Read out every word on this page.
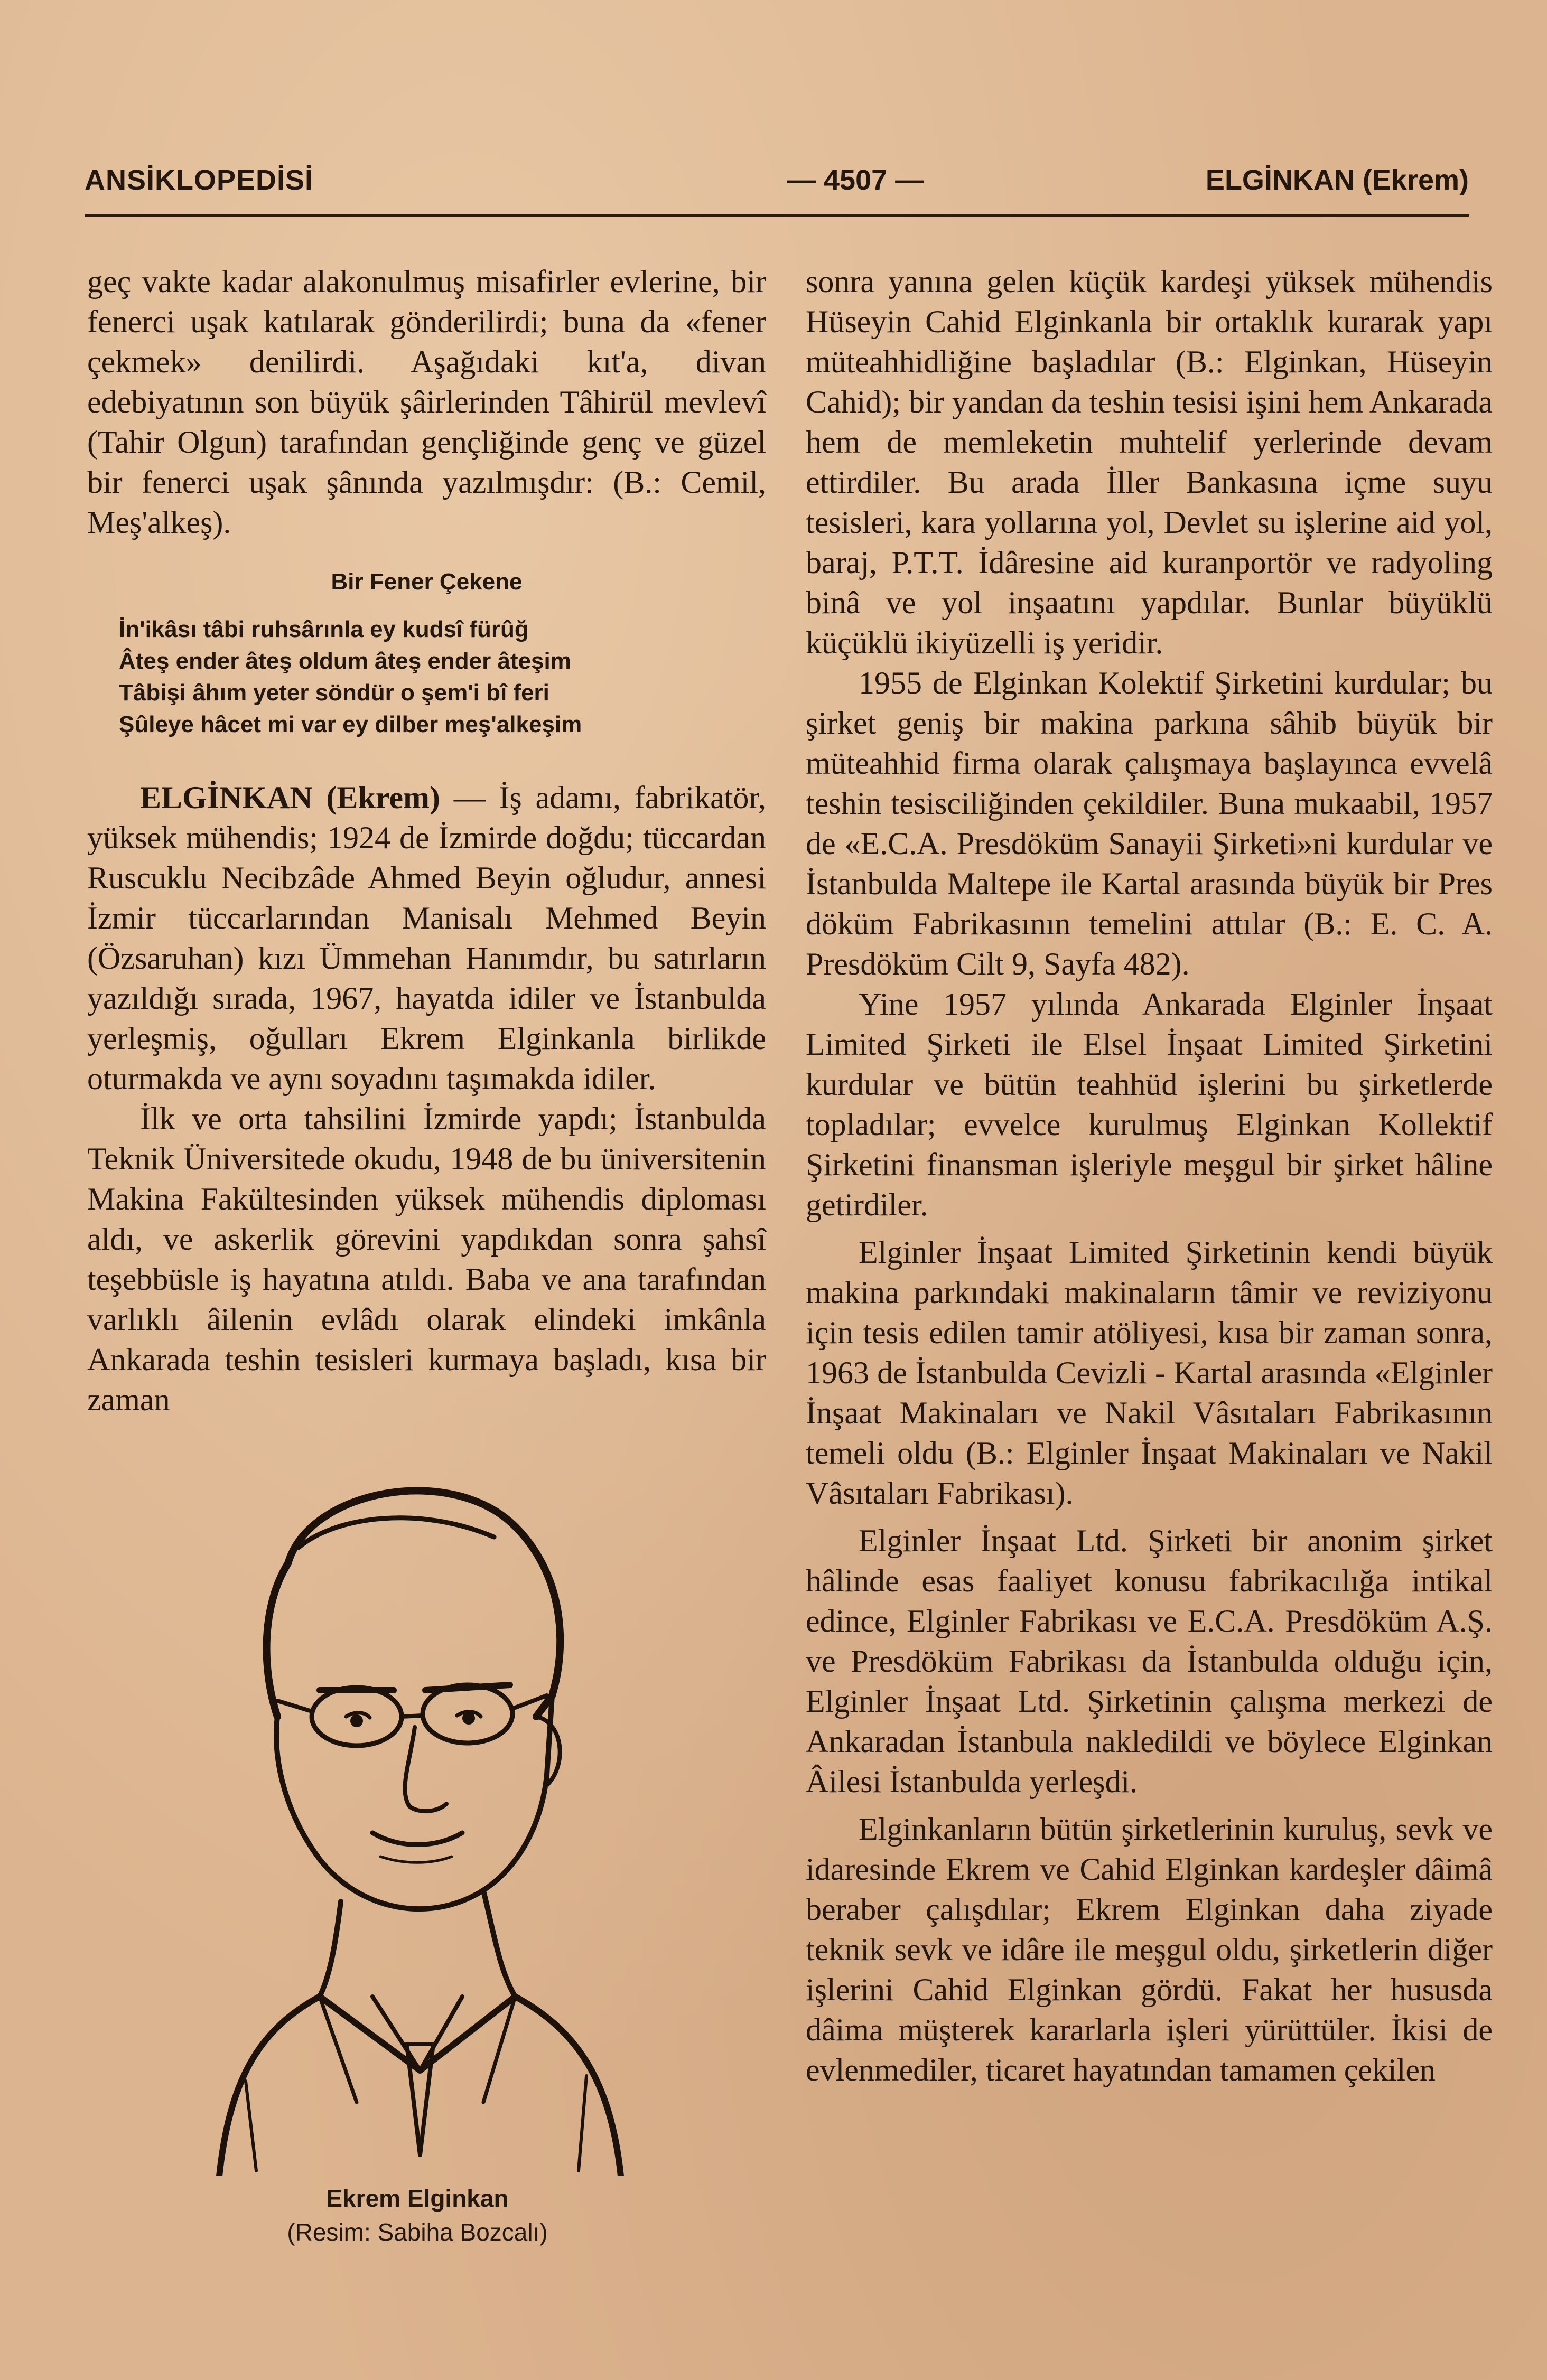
ANSİKLOPEDİSİ	— 4507 —	ELGİNKAN (Ekrem)

geç vakte kadar alakonulmuş misafirler evlerine, bir fenerci uşak katılarak gönderilirdi; buna da «fener çekmek» denilirdi. Aşağıdaki kıt'a, divan edebiyatının son büyük şâirlerinden Tâhirül mevlevî (Tahir Olgun) tarafından gençliğinde genç ve güzel bir fenerci uşak şânında yazılmışdır: (B.: Cemil, Meş'alkeş).

Bir Fener Çekene
İn'ikâsı tâbi ruhsârınla ey kudsî fürûğ
Âteş ender âteş oldum âteş ender âteşim
Tâbişi âhım yeter söndür o şem'i bî feri
Şûleye hâcet mi var ey dilber meş'alkeşim

ELGİNKAN (Ekrem) — İş adamı, fabrikatör, yüksek mühendis; 1924 de İzmirde doğdu; tüccardan Ruscuklu Necibzâde Ahmed Beyin oğludur, annesi İzmir tüccarlarından Manisalı Mehmed Beyin (Özsaruhan) kızı Ümmehan Hanımdır, bu satırların yazıldığı sırada, 1967, hayatda idiler ve İstanbulda yerleşmiş, oğulları Ekrem Elginkanla birlikde oturmakda ve aynı soyadını taşımakda idiler.

İlk ve orta tahsilini İzmirde yapdı; İstanbulda Teknik Üniversitede okudu, 1948 de bu üniversitenin Makina Fakültesinden yüksek mühendis diploması aldı, ve askerlik görevini yapdıkdan sonra şahsî teşebbüsle iş hayatına atıldı. Baba ve ana tarafından varlıklı âilenin evlâdı olarak elindeki imkânla Ankarada teshin tesisleri kurmaya başladı, kısa bir zaman

Ekrem Elginkan
(Resim: Sabiha Bozcalı)

sonra yanına gelen küçük kardeşi yüksek mühendis Hüseyin Cahid Elginkanla bir ortaklık kurarak yapı müteahhidliğine başladılar (B.: Elginkan, Hüseyin Cahid); bir yandan da teshin tesisi işini hem Ankarada hem de memleketin muhtelif yerlerinde devam ettirdiler. Bu arada İller Bankasına içme suyu tesisleri, kara yollarına yol, Devlet su işlerine aid yol, baraj, P.T.T. İdâresine aid kuranportör ve radyoling binâ ve yol inşaatını yapdılar. Bunlar büyüklü küçüklü ikiyüzelli iş yeridir.

1955 de Elginkan Kolektif Şirketini kurdular; bu şirket geniş bir makina parkına sâhib büyük bir müteahhid firma olarak çalışmaya başlayınca evvelâ teshin tesisciliğinden çekildiler. Buna mukaabil, 1957 de «E.C.A. Presdöküm Sanayii Şirketi»ni kurdular ve İstanbulda Maltepe ile Kartal arasında büyük bir Pres döküm Fabrikasının temelini attılar (B.: E. C. A. Presdöküm Cilt 9, Sayfa 482).

Yine 1957 yılında Ankarada Elginler İnşaat Limited Şirketi ile Elsel İnşaat Limited Şirketini kurdular ve bütün teahhüd işlerini bu şirketlerde topladılar; evvelce kurulmuş Elginkan Kollektif Şirketini finansman işleriyle meşgul bir şirket hâline getirdiler.

Elginler İnşaat Limited Şirketinin kendi büyük makina parkındaki makinaların tâmir ve reviziyonu için tesis edilen tamir atöliyesi, kısa bir zaman sonra, 1963 de İstanbulda Cevizli - Kartal arasında «Elginler İnşaat Makinaları ve Nakil Vâsıtaları Fabrikasının temeli oldu (B.: Elginler İnşaat Makinaları ve Nakil Vâsıtaları Fabrikası).

Elginler İnşaat Ltd. Şirketi bir anonim şirket hâlinde esas faaliyet konusu fabrikacılığa intikal edince, Elginler Fabrikası ve E.C.A. Presdöküm A.Ş. ve Presdöküm Fabrikası da İstanbulda olduğu için, Elginler İnşaat Ltd. Şirketinin çalışma merkezi de Ankaradan İstanbula nakledildi ve böylece Elginkan Âilesi İstanbulda yerleşdi.

Elginkanların bütün şirketlerinin kuruluş, sevk ve idaresinde Ekrem ve Cahid Elginkan kardeşler dâimâ beraber çalışdılar; Ekrem Elginkan daha ziyade teknik sevk ve idâre ile meşgul oldu, şirketlerin diğer işlerini Cahid Elginkan gördü. Fakat her hususda dâima müşterek kararlarla işleri yürüttüler. İkisi de evlenmediler, ticaret hayatından tamamen çekilen
